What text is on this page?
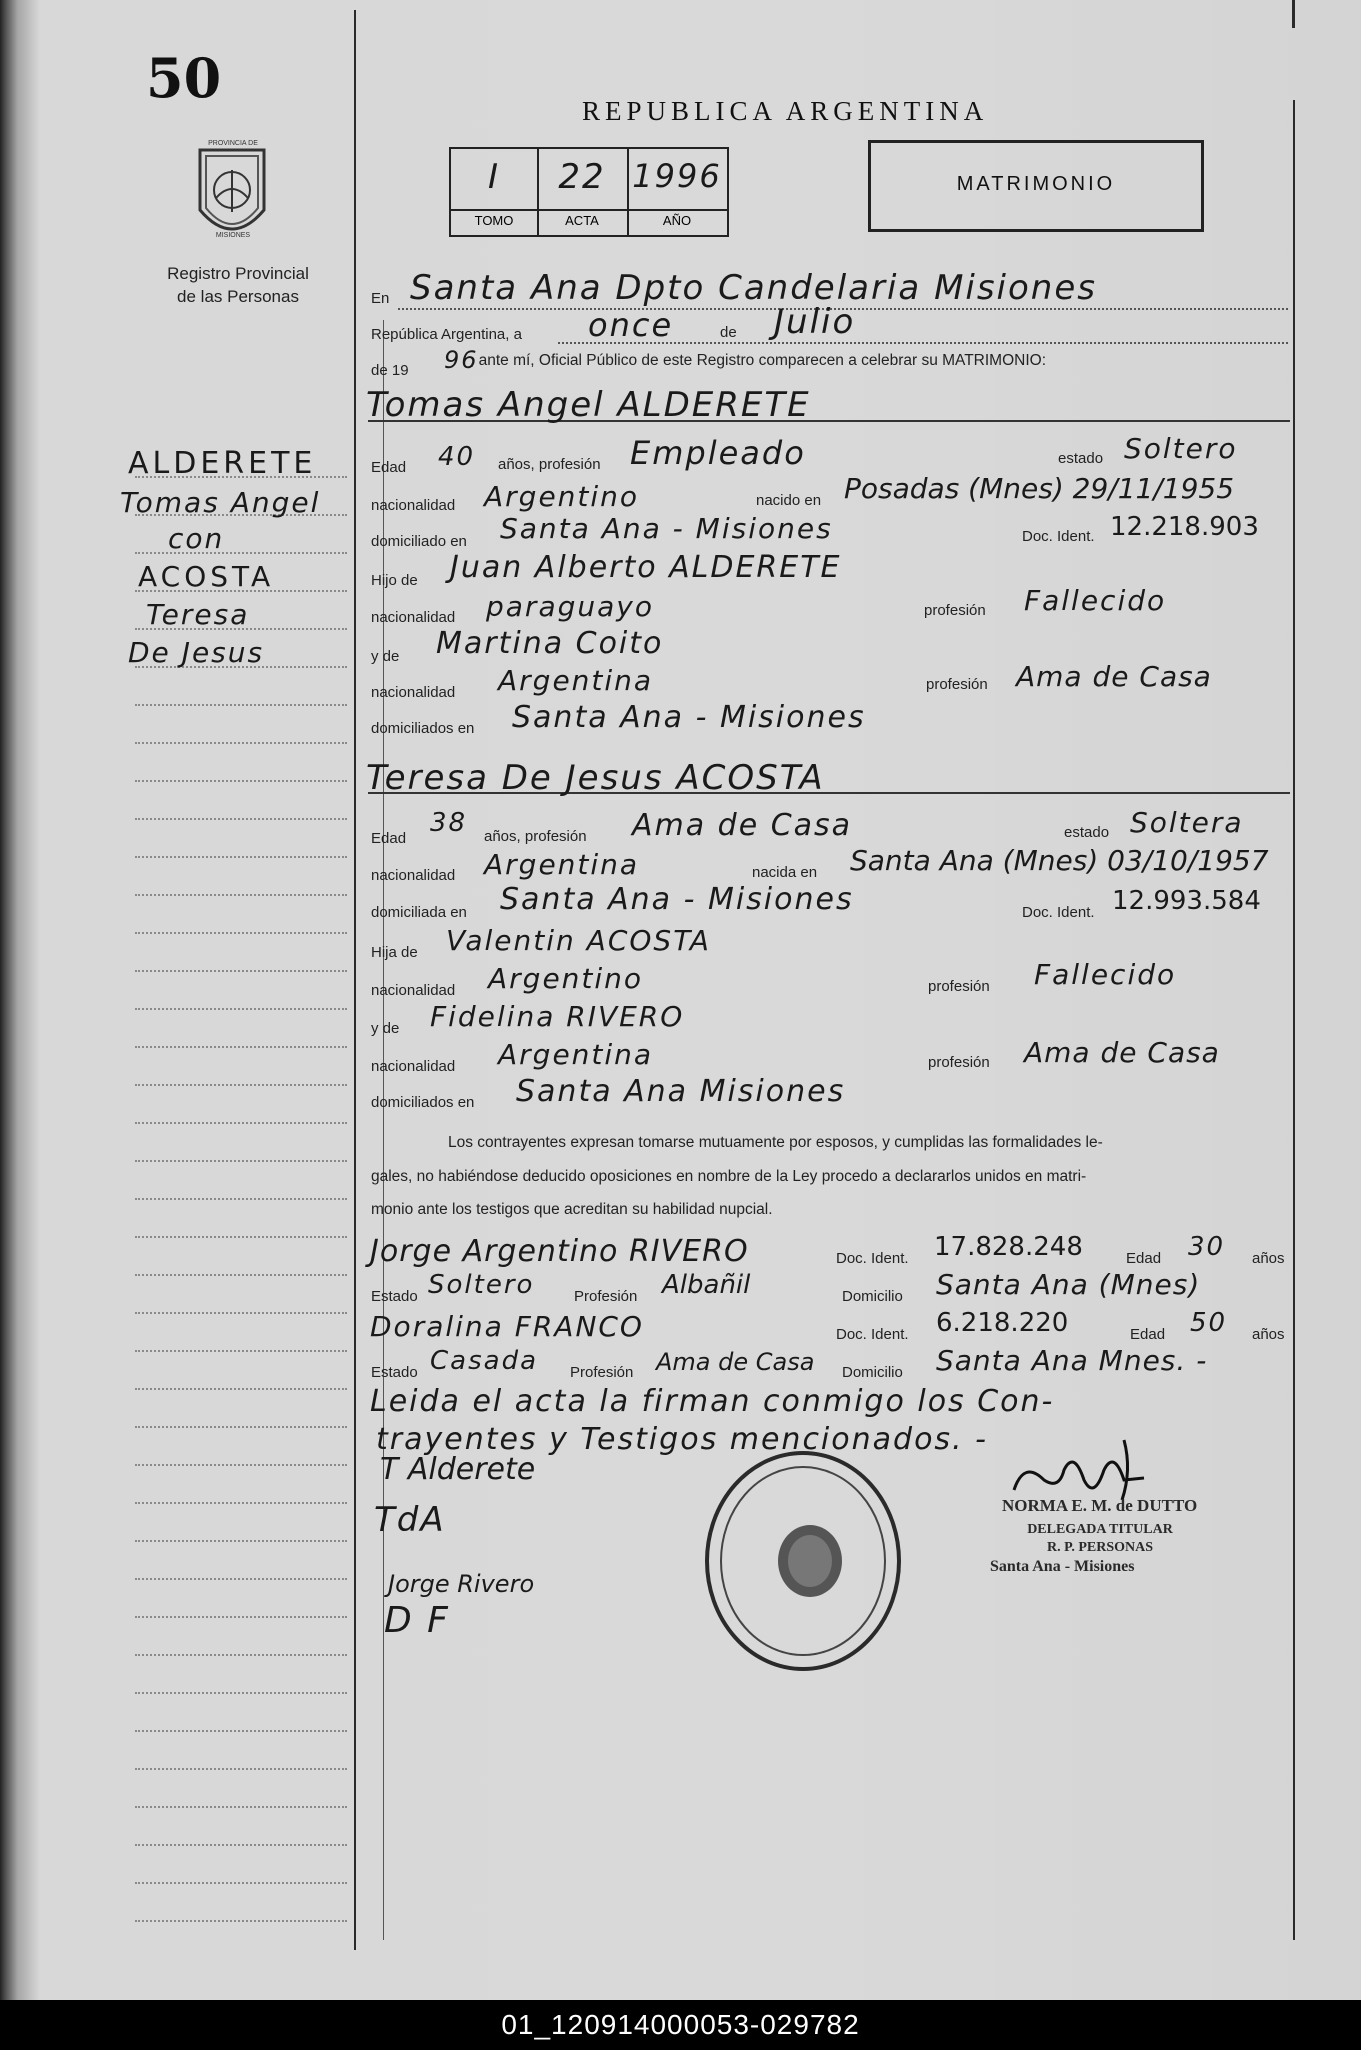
50
PROVINCIA DE
MISIONES
Registro Provincial
de las Personas
REPUBLICA ARGENTINA
I	22 1996
TOMO	ACTA	AÑO
MATRIMONIO
ALDERETE
Tomas Angel
con
ACOSTA
Teresa
De Jesus
En Santa Ana Dpto Candelaria Misiones
República Argentina, a once	de Julio
de 19 96
, ante mí, Oficial Público de este Registro comparecen a celebrar su MATRIMONIO:
Tomas Angel ALDERETE
Edad 40 años, profesión Empleado	estado Soltero
nacionalidad Argentino	nacido en Posadas (Mnes) 29/11/1955
domiciliado en Santa Ana - Misiones	Doc. Ident. 12.218.903
Hijo de Juan Alberto ALDERETE
nacionalidad paraguayo	profesión Fallecido
y de Martina Coito
nacionalidad Argentina	profesión Ama de Casa
domiciliados en Santa Ana - Misiones
Teresa De Jesus ACOSTA
Edad
38 años, profesión Ama de Casa	estado Soltera
nacionalidad Argentina	nacida en Santa Ana (Mnes) 03/10/1957
domiciliada en Santa Ana - Misiones	Doc. Ident. 12.993.584
Hija de Valentin ACOSTA
nacionalidad Argentino	profesión Fallecido
y de Fidelina RIVERO
nacionalidad Argentina	profesión Ama de Casa
domiciliados en Santa Ana Misiones
Los contrayentes expresan tomarse mutuamente por esposos, y cumplidas las formalidades le-
gales, no habiéndose deducido oposiciones en nombre de la Ley procedo a declararlos unidos en matri-
monio ante los testigos que acreditan su habilidad nupcial.
Jorge Argentino RIVERO	Doc. Ident. 17.828.248	Edad 30 años
Estado Soltero	Profesión Albañil	Domicilio Santa Ana (Mnes)
Doralina FRANCO	Doc. Ident. 6.218.220	Edad 50 años
Estado Casada Profesión Ama de Casa Domicilio Santa Ana Mnes. -
Leida el acta la firman conmigo los Con-
trayentes y Testigos mencionados. -
T Alderete
TdA
Jorge Rivero
D F
NORMA E. M. de DUTTO
DELEGADA TITULAR
R. P. PERSONAS
Santa Ana - Misiones
01_120914000053-029782
